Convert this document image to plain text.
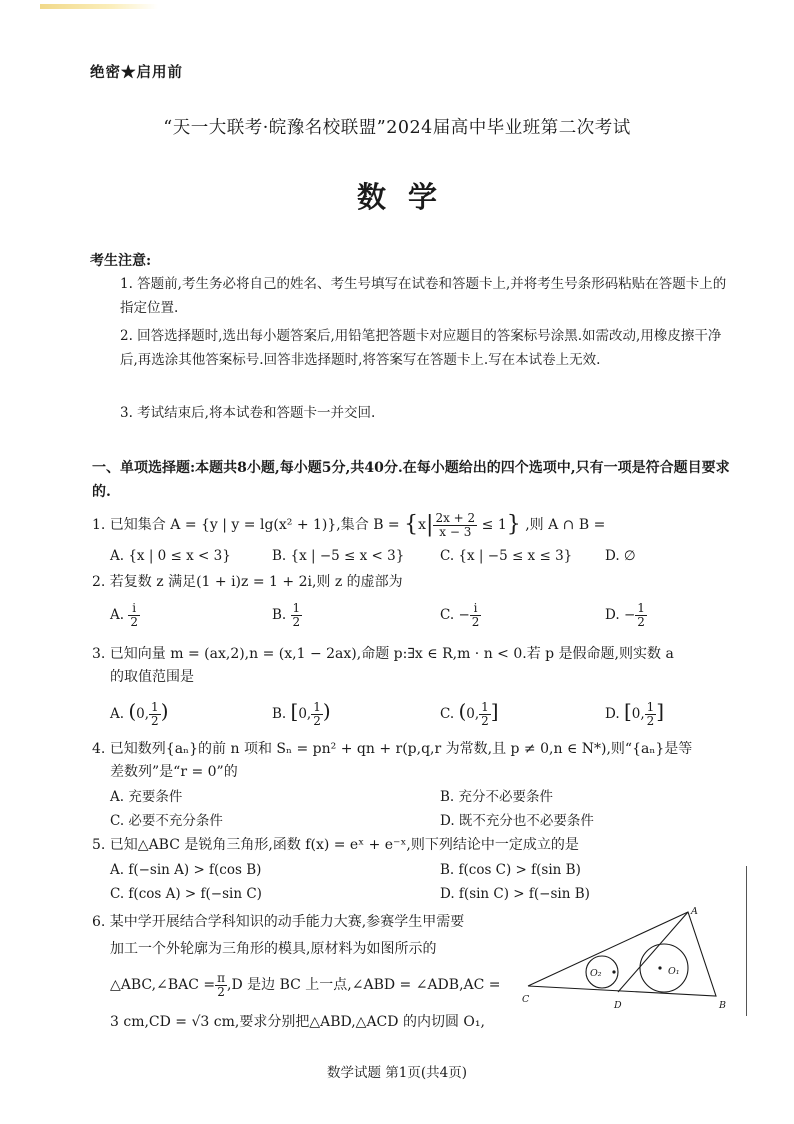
绝密★启用前
“天一大联考·皖豫名校联盟”2024届高中毕业班第二次考试
数学
考生注意:
1. 答题前,考生务必将自己的姓名、考生号填写在试卷和答题卡上,并将考生号条形码粘贴在答题卡上的指定位置.
2. 回答选择题时,选出每小题答案后,用铅笔把答题卡对应题目的答案标号涂黑.如需改动,用橡皮擦干净后,再选涂其他答案标号.回答非选择题时,将答案写在答题卡上.写在本试卷上无效.
3. 考试结束后,将本试卷和答题卡一并交回.
一、单项选择题:本题共8小题,每小题5分,共40分.在每小题给出的四个选项中,只有一项是符合题目要求的.
1. 已知集合 A = {y | y = lg(x² + 1)},集合 $B = \{x| \frac{2x + 2}{x - 3} \le 1\}$ ,则 A ∩ B =
A. {x | 0 ≤ x < 3}	B. {x | −5 ≤ x < 3}	C. {x | −5 ≤ x ≤ 3} D. ∅
2. 若复数 z 满足(1 + i)z = 1 + 2i,则 z 的虚部为
A. $\frac{i}{2}$	B. $\frac{1}{2}$	C. − $\frac{i}{2}$	D. − $\frac{1}{2}$
3. 已知向量 m = (ax,2),n = (x,1 − 2ax),命题 p:∃x ∈ R,m · n < 0.若 p 是假命题,则实数 a
的取值范围是
A. (0, $\frac{1}{2}$ )	B. [0, $\frac{1}{2}$ )	C. (0, $\frac{1}{2}$ ]	D. [0, $\frac{1}{2}$ ]
4. 已知数列{aₙ}的前 n 项和 Sₙ = pn² + qn + r(p,q,r 为常数,且 p ≠ 0,n ∈ N*),则“{aₙ}是等
差数列”是“r = 0”的
A. 充要条件	B. 充分不必要条件
C. 必要不充分条件	D. 既不充分也不必要条件
5. 已知△ABC 是锐角三角形,函数 f(x) = eˣ + e⁻ˣ,则下列结论中一定成立的是
A. f(−sin A) > f(cos B)	B. f(cos C) > f(sin B)
C. f(cos A) > f(−sin C)	D. f(sin C) > f(−sin B)
6. 某中学开展结合学科知识的动手能力大赛,参赛学生甲需要
加工一个外轮廓为三角形的模具,原材料为如图所示的
△ABC,∠BAC = $\frac{\pi}{2} ,D$ 是边 BC 上一点,∠ABD = ∠ADB,AC =
3 cm,CD = √3 cm,要求分别把△ABD,△ACD 的内切圆 O₁,
A
B
C
D
O₁
O₂
数学试题 第1页(共4页)
